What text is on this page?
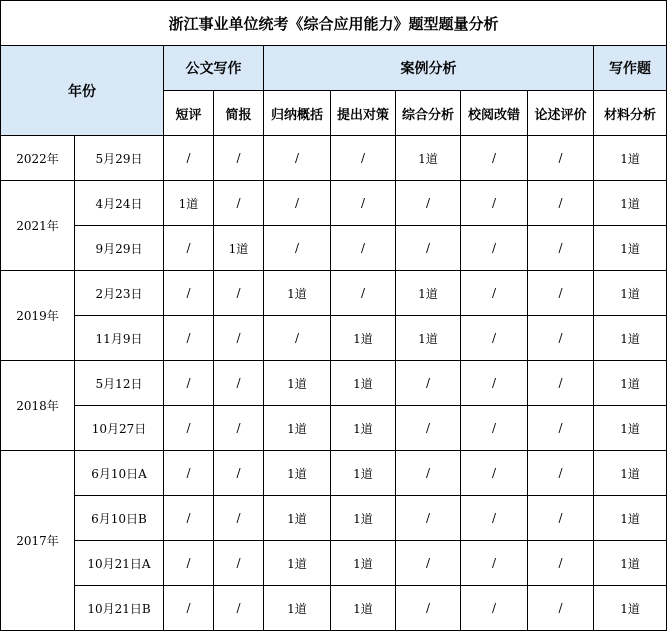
浙江事业单位统考《综合应用能力》题型题量分析									
年份		公文写作		案例分析					写作题
		短评	简报	归纳概括	提出对策	综合分析	校阅改错	论述评价	材料分析
2022年	5月29日	/	/	/	/	1道	/	/	1道
2021年	4月24日	1道	/	/	/	/	/	/	1道
	9月29日	/	1道	/	/	/	/	/	1道
2019年	2月23日	/	/	1道	/	1道	/	/	1道
	11月9日	/	/	/	1道	1道	/	/	1道
2018年	5月12日	/	/	1道	1道	/	/	/	1道
	10月27日	/	/	1道	1道	/	/	/	1道
2017年	6月10日A	/	/	1道	1道	/	/	/	1道
	6月10日B	/	/	1道	1道	/	/	/	1道
	10月21日A	/	/	1道	1道	/	/	/	1道
	10月21日B	/	/	1道	1道	/	/	/	1道
